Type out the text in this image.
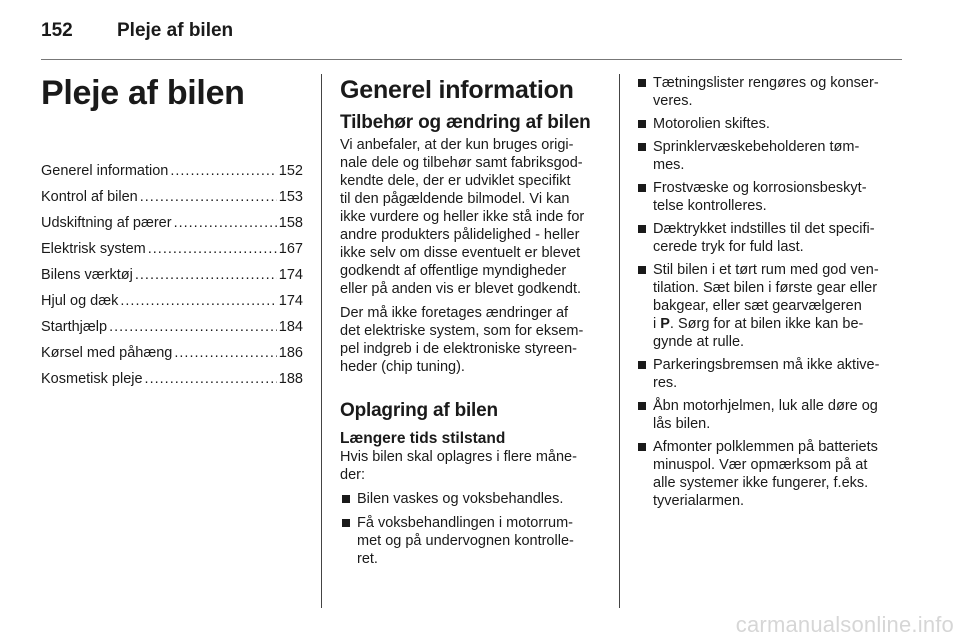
152 Pleje af bilen
Pleje af bilen
Generel information .....	152
Kontrol af bilen .....	153
Udskiftning af pærer .....	158
Elektrisk system .....	167
Bilens værktøj .....	174
Hjul og dæk .....	174
Starthjælp .....	184
Kørsel med påhæng .....	186
Kosmetisk pleje .....	188
Generel information
Tilbehør og ændring af bilen

Vi anbefaler, at der kun bruges origi-
nale dele og tilbehør samt fabriksgod-
kendte dele, der er udviklet specifikt
til den pågældende bilmodel. Vi kan
ikke vurdere og heller ikke stå inde for
andre produkters pålidelighed - heller
ikke selv om disse eventuelt er blevet
godkendt af offentlige myndigheder
eller på anden vis er blevet godkendt.

Der må ikke foretages ændringer af
det elektriske system, som for eksem-
pel indgreb i de elektroniske styreen-
heder (chip tuning).

Oplagring af bilen
Længere tids stilstand

Hvis bilen skal oplagres i flere måne-
der:

Bilen vaskes og voksbehandles.
Få voksbehandlingen i motorrum-
met og på undervognen kontrolle-
ret.
Tætningslister rengøres og konser-
veres.
Motorolien skiftes.
Sprinklervæskebeholderen tøm-
mes.
Frostvæske og korrosionsbeskyt-
telse kontrolleres.
Dæktrykket indstilles til det specifi-
cerede tryk for fuld last.
Stil bilen i et tørt rum med god ven-
tilation. Sæt bilen i første gear eller
bakgear, eller sæt gearvælgeren
i P. Sørg for at bilen ikke kan be-
gynde at rulle.
Parkeringsbremsen må ikke aktive-
res.
Åbn motorhjelmen, luk alle døre og
lås bilen.
Afmonter polklemmen på batteriets
minuspol. Vær opmærksom på at
alle systemer ikke fungerer, f.eks.
tyverialarmen.
carmanualsonline.info
